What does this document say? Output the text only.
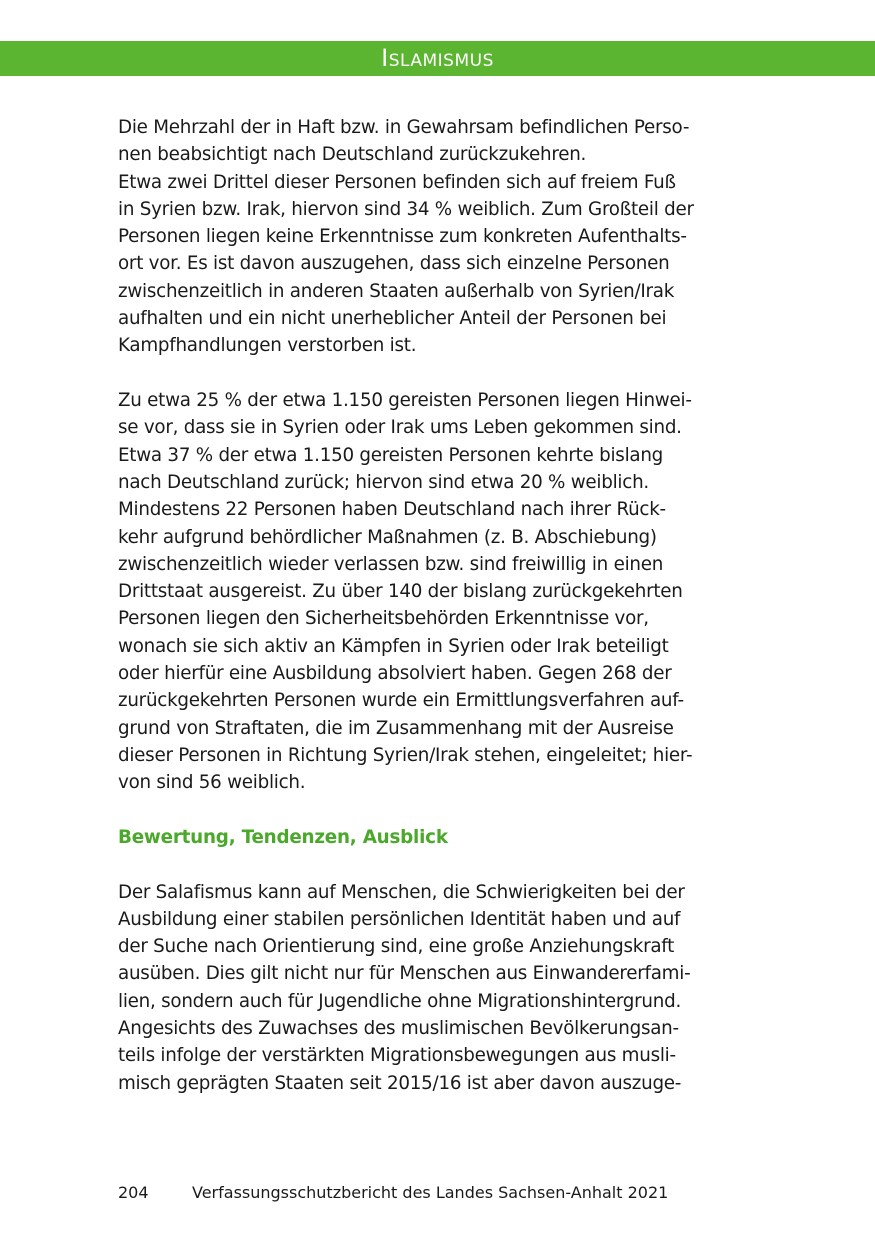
Islamismus

Die Mehrzahl der in Haft bzw. in Gewahrsam befindlichen Perso-
nen beabsichtigt nach Deutschland zurückzukehren.
Etwa zwei Drittel dieser Personen befinden sich auf freiem Fuß
in Syrien bzw. Irak, hiervon sind 34 % weiblich. Zum Großteil der
Personen liegen keine Erkenntnisse zum konkreten Aufenthalts-
ort vor. Es ist davon auszugehen, dass sich einzelne Personen
zwischenzeitlich in anderen Staaten außerhalb von Syrien/Irak
aufhalten und ein nicht unerheblicher Anteil der Personen bei
Kampfhandlungen verstorben ist.

Zu etwa 25 % der etwa 1.150 gereisten Personen liegen Hinwei-
se vor, dass sie in Syrien oder Irak ums Leben gekommen sind.
Etwa 37 % der etwa 1.150 gereisten Personen kehrte bislang
nach Deutschland zurück; hiervon sind etwa 20 % weiblich.
Mindestens 22 Personen haben Deutschland nach ihrer Rück-
kehr aufgrund behördlicher Maßnahmen (z. B. Abschiebung)
zwischenzeitlich wieder verlassen bzw. sind freiwillig in einen
Drittstaat ausgereist. Zu über 140 der bislang zurückgekehrten
Personen liegen den Sicherheitsbehörden Erkenntnisse vor,
wonach sie sich aktiv an Kämpfen in Syrien oder Irak beteiligt
oder hierfür eine Ausbildung absolviert haben. Gegen 268 der
zurückgekehrten Personen wurde ein Ermittlungsverfahren auf-
grund von Straftaten, die im Zusammenhang mit der Ausreise
dieser Personen in Richtung Syrien/Irak stehen, eingeleitet; hier-
von sind 56 weiblich.

Bewertung, Tendenzen, Ausblick

Der Salafismus kann auf Menschen, die Schwierigkeiten bei der
Ausbildung einer stabilen persönlichen Identität haben und auf
der Suche nach Orientierung sind, eine große Anziehungskraft
ausüben. Dies gilt nicht nur für Menschen aus Einwandererfami-
lien, sondern auch für Jugendliche ohne Migrationshintergrund.
Angesichts des Zuwachses des muslimischen Bevölkerungsan-
teils infolge der verstärkten Migrationsbewegungen aus musli-
misch geprägten Staaten seit 2015/16 ist aber davon auszuge-

204	Verfassungsschutzbericht des Landes Sachsen-Anhalt 2021
